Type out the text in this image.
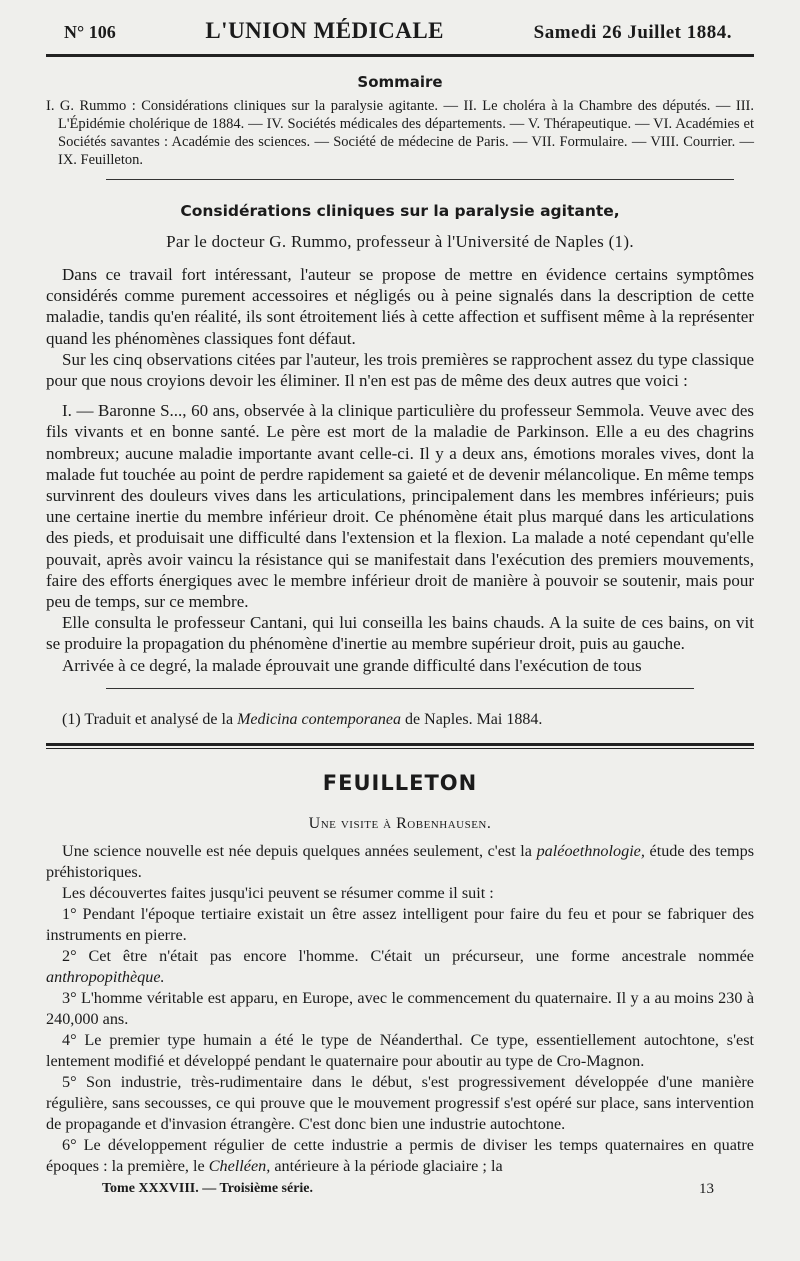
N° 106	L'UNION MÉDICALE	Samedi 26 Juillet 1884.
Sommaire

I. G. Rummo : Considérations cliniques sur la paralysie agitante. — II. Le choléra à la Chambre des députés. — III. L'Épidémie cholérique de 1884. — IV. Sociétés médicales des départements. — V. Thérapeutique. — VI. Académies et Sociétés savantes : Académie des sciences. — Société de médecine de Paris. — VII. Formulaire. — VIII. Courrier. — IX. Feuilleton.

Considérations cliniques sur la paralysie agitante,
Par le docteur G. Rummo, professeur à l'Université de Naples (1).

Dans ce travail fort intéressant, l'auteur se propose de mettre en évidence certains symptômes considérés comme purement accessoires et négligés ou à peine signalés dans la description de cette maladie, tandis qu'en réalité, ils sont étroitement liés à cette affection et suffisent même à la représenter quand les phénomènes classiques font défaut.

Sur les cinq observations citées par l'auteur, les trois premières se rapprochent assez du type classique pour que nous croyions devoir les éliminer. Il n'en est pas de même des deux autres que voici :

I. — Baronne S..., 60 ans, observée à la clinique particulière du professeur Semmola. Veuve avec des fils vivants et en bonne santé. Le père est mort de la maladie de Parkinson. Elle a eu des chagrins nombreux; aucune maladie importante avant celle-ci. Il y a deux ans, émotions morales vives, dont la malade fut touchée au point de perdre rapidement sa gaieté et de devenir mélancolique. En même temps survinrent des douleurs vives dans les articulations, principalement dans les membres inférieurs; puis une certaine inertie du membre inférieur droit. Ce phénomène était plus marqué dans les articulations des pieds, et produisait une difficulté dans l'extension et la flexion. La malade a noté cependant qu'elle pouvait, après avoir vaincu la résistance qui se manifestait dans l'exécution des premiers mouvements, faire des efforts énergiques avec le membre inférieur droit de manière à pouvoir se soutenir, mais pour peu de temps, sur ce membre.

Elle consulta le professeur Cantani, qui lui conseilla les bains chauds. A la suite de ces bains, on vit se produire la propagation du phénomène d'inertie au membre supérieur droit, puis au gauche.

Arrivée à ce degré, la malade éprouvait une grande difficulté dans l'exécution de tous

(1) Traduit et analysé de la Medicina contemporanea de Naples. Mai 1884.
FEUILLETON
Une visite à Robenhausen.

Une science nouvelle est née depuis quelques années seulement, c'est la paléoethnologie, étude des temps préhistoriques.

Les découvertes faites jusqu'ici peuvent se résumer comme il suit :

1° Pendant l'époque tertiaire existait un être assez intelligent pour faire du feu et pour se fabriquer des instruments en pierre.

2° Cet être n'était pas encore l'homme. C'était un précurseur, une forme ancestrale nommée anthropopithèque.

3° L'homme véritable est apparu, en Europe, avec le commencement du quaternaire. Il y a au moins 230 à 240,000 ans.

4° Le premier type humain a été le type de Néanderthal. Ce type, essentiellement autochtone, s'est lentement modifié et développé pendant le quaternaire pour aboutir au type de Cro-Magnon.

5° Son industrie, très-rudimentaire dans le début, s'est progressivement développée d'une manière régulière, sans secousses, ce qui prouve que le mouvement progressif s'est opéré sur place, sans intervention de propagande et d'invasion étrangère. C'est donc bien une industrie autochtone.

6° Le développement régulier de cette industrie a permis de diviser les temps quaternaires en quatre époques : la première, le Chelléen, antérieure à la période glaciaire ; la

Tome XXXVIII. — Troisième série.	13
